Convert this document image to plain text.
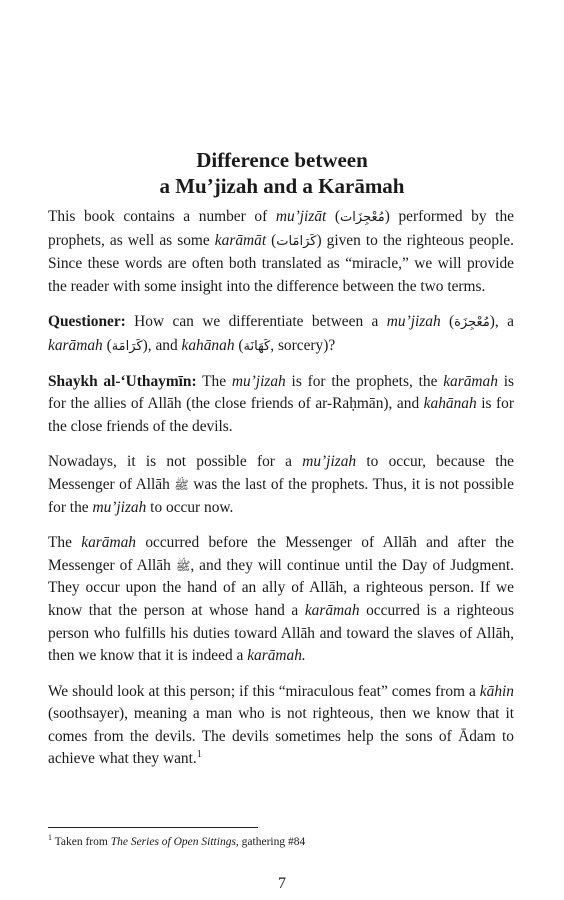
Difference between
a Mu’jizah and a Karāmah

This book contains a number of mu’jizāt (مُعْجِزَات) performed by the prophets, as well as some karāmāt (كَرَامَات) given to the righteous people. Since these words are often both translated as “miracle,” we will provide the reader with some insight into the difference between the two terms.

Questioner: How can we differentiate between a mu’jizah (مُعْجِزَة), a karāmah (كَرَامَة), and kahānah (كَهَانَة, sorcery)?

Shaykh al-‘Uthaymīn: The mu’jizah is for the prophets, the karāmah is for the allies of Allāh (the close friends of ar-Raḥmān), and kahānah is for the close friends of the devils.

Nowadays, it is not possible for a mu’jizah to occur, because the Messenger of Allāh ﷺ was the last of the prophets. Thus, it is not possible for the mu’jizah to occur now.

The karāmah occurred before the Messenger of Allāh and after the Messenger of Allāh ﷺ, and they will continue until the Day of Judgment. They occur upon the hand of an ally of Allāh, a righteous person. If we know that the person at whose hand a karāmah occurred is a righteous person who fulfills his duties toward Allāh and toward the slaves of Allāh, then we know that it is indeed a karāmah.

We should look at this person; if this “miraculous feat” comes from a kāhin (soothsayer), meaning a man who is not righteous, then we know that it comes from the devils. The devils sometimes help the sons of Ādam to achieve what they want.$^1$

$^1$ Taken from The Series of Open Sittings, gathering #84
7
